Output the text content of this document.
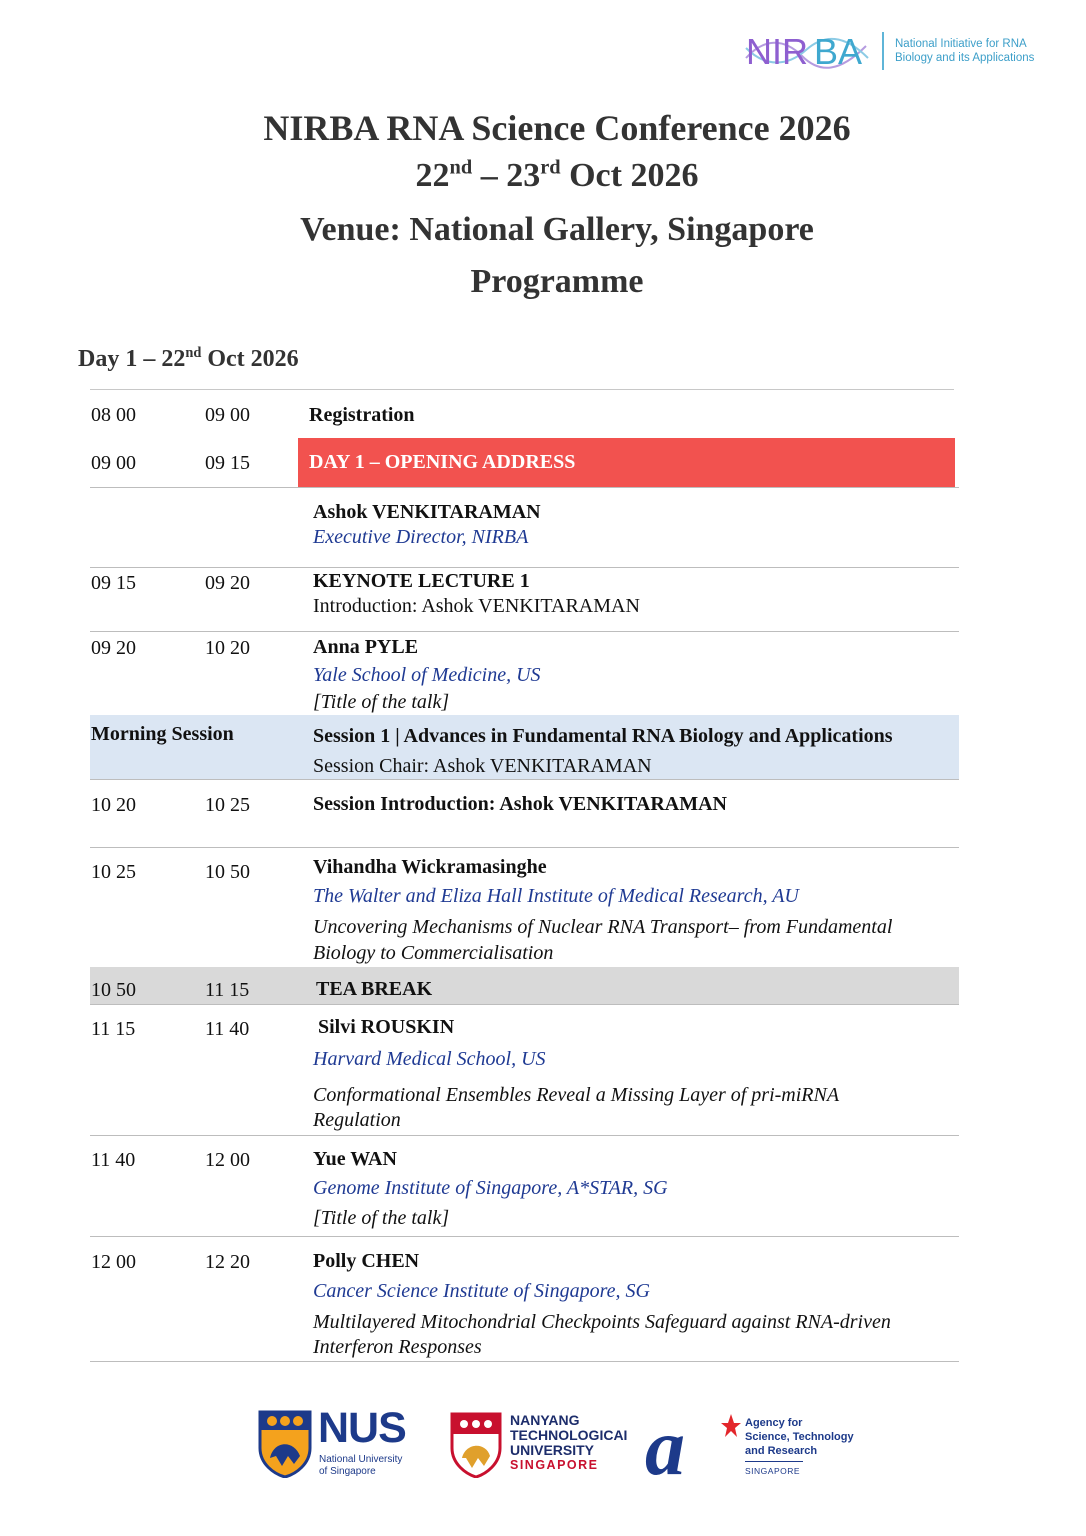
NIR BA	National Initiative for RNA
Biology and its Applications
NIRBA RNA Science Conference 2026
22nd – 23rd Oct 2026
Venue: National Gallery, Singapore
Programme
Day 1 – 22nd Oct 2026
08 00	09 00	Registration
09 00	09 15	DAY 1 – OPENING ADDRESS
Ashok VENKITARAMAN
Executive Director, NIRBA
09 15	09 20	KEYNOTE LECTURE 1
Introduction: Ashok VENKITARAMAN
09 20	10 20	Anna PYLE
Yale School of Medicine, US
[Title of the talk]
Morning Session	Session 1 | Advances in Fundamental RNA Biology and Applications
Session Chair: Ashok VENKITARAMAN
10 20	10 25	Session Introduction: Ashok VENKITARAMAN
10 25	10 50	Vihandha Wickramasinghe
The Walter and Eliza Hall Institute of Medical Research, AU
Uncovering Mechanisms of Nuclear RNA Transport– from Fundamental
Biology to Commercialisation
10 50	11 15	TEA BREAK
11 15	11 40	Silvi ROUSKIN
Harvard Medical School, US
Conformational Ensembles Reveal a Missing Layer of pri-miRNA
Regulation
11 40	12 00	Yue WAN
Genome Institute of Singapore, A*STAR, SG
[Title of the talk]
12 00	12 20	Polly CHEN
Cancer Science Institute of Singapore, SG
Multilayered Mitochondrial Checkpoints Safeguard against RNA-driven
Interferon Responses
NUS
National University
of Singapore
NANYANG
TECHNOLOGICAI
UNIVERSITY
SINGAPORE a	Agency for
Science, Technology
and Research
SINGAPORE
